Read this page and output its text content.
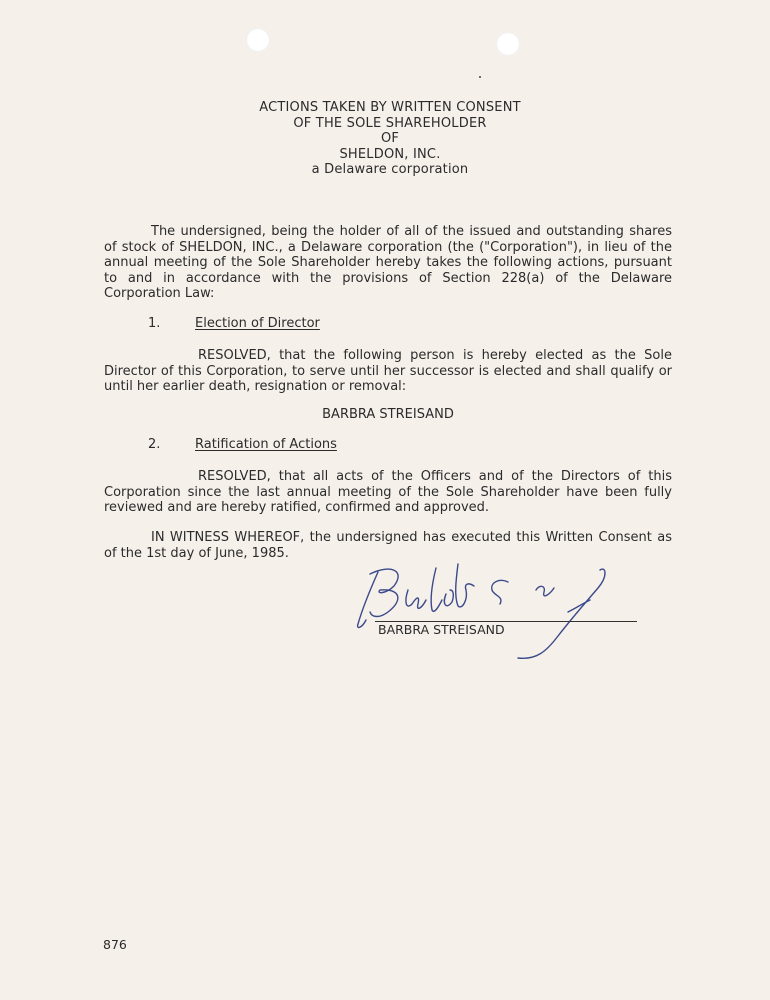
ACTIONS TAKEN BY WRITTEN CONSENT
OF THE SOLE SHAREHOLDER
OF
SHELDON, INC.
a Delaware corporation

The undersigned, being the holder of all of the issued and outstanding shares of stock of SHELDON, INC., a Delaware corporation (the ("Corporation"), in lieu of the annual meeting of the Sole Shareholder hereby takes the following actions, pursuant to and in accordance with the provisions of Section 228(a) of the Delaware Corporation Law:

1.	Election of Director

RESOLVED, that the following person is hereby elected as the Sole Director of this Corporation, to serve until her successor is elected and shall qualify or until her earlier death, resignation or removal:

BARBRA STREISAND
2.	Ratification of Actions

RESOLVED, that all acts of the Officers and of the Directors of this Corporation since the last annual meeting of the Sole Shareholder have been fully reviewed and are hereby ratified, confirmed and approved.

IN WITNESS WHEREOF, the undersigned has executed this Written Consent as of the 1st day of June, 1985.

BARBRA STREISAND
876
